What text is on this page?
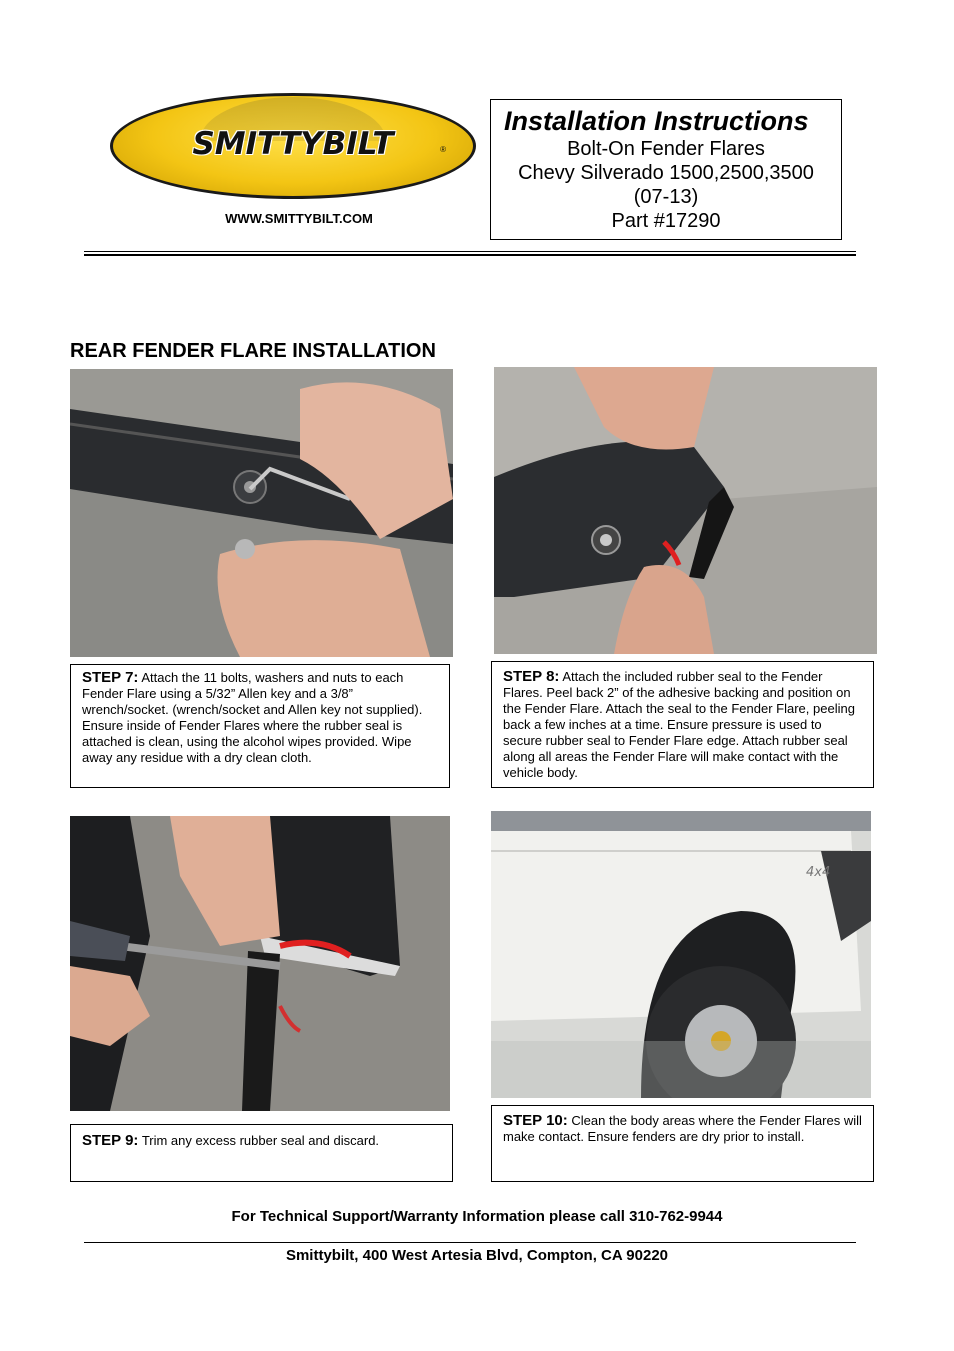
SMITTYBILT	®
WWW.SMITTYBILT.COM
Installation Instructions
Bolt-On Fender Flares
Chevy Silverado 1500,2500,3500
(07-13)
Part #17290
REAR FENDER FLARE INSTALLATION
STEP 7: Attach the 11 bolts, washers and nuts to each Fender Flare using a 5/32” Allen key and a 3/8” wrench/socket. (wrench/socket and Allen key not supplied). Ensure inside of Fender Flares where the rubber seal is attached is clean, using the alcohol wipes provided. Wipe away any residue with a dry clean cloth.
STEP 8: Attach the included rubber seal to the Fender Flares. Peel back 2” of the adhesive backing and position on the Fender Flare. Attach the seal to the Fender Flare, peeling back a few inches at a time. Ensure pressure is used to secure rubber seal to Fender Flare edge. Attach rubber seal along all areas the Fender Flare will make contact with the vehicle body.
4x4
STEP 9: Trim any excess rubber seal and discard.
STEP 10: Clean the body areas where the Fender Flares will make contact. Ensure fenders are dry prior to install.
For Technical Support/Warranty Information please call 310-762-9944
Smittybilt, 400 West Artesia Blvd, Compton, CA 90220
